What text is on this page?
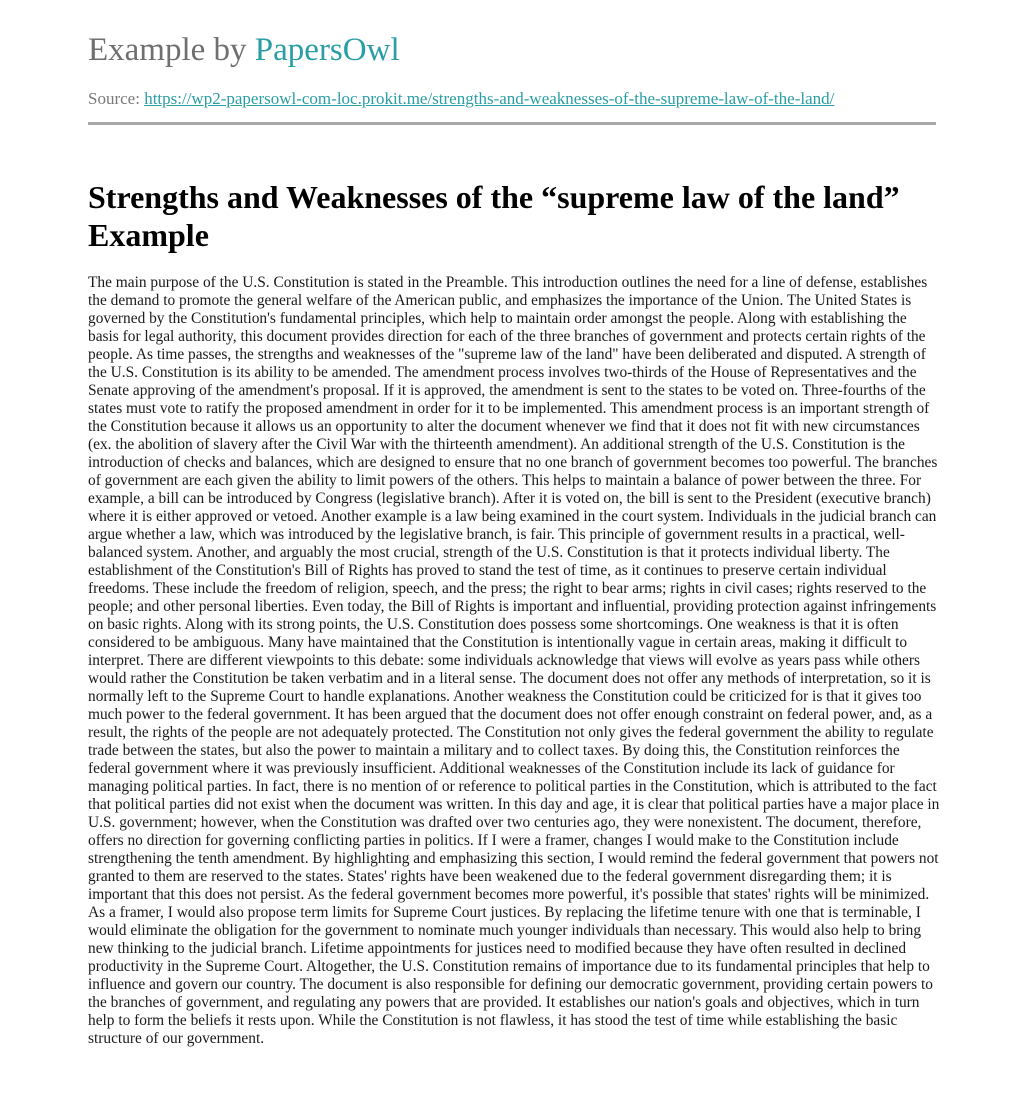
Example by PapersOwl
Source: https://wp2-papersowl-com-loc.prokit.me/strengths-and-weaknesses-of-the-supreme-law-of-the-land/
Strengths and Weaknesses of the “supreme law of the land” Example

The main purpose of the U.S. Constitution is stated in the Preamble. This introduction outlines the need for a line of defense, establishes the demand to promote the general welfare of the American public, and emphasizes the importance of the Union. The United States is governed by the Constitution's fundamental principles, which help to maintain order amongst the people. Along with establishing the basis for legal authority, this document provides direction for each of the three branches of government and protects certain rights of the people. As time passes, the strengths and weaknesses of the "supreme law of the land" have been deliberated and disputed. A strength of the U.S. Constitution is its ability to be amended. The amendment process involves two-thirds of the House of Representatives and the Senate approving of the amendment's proposal. If it is approved, the amendment is sent to the states to be voted on. Three-fourths of the states must vote to ratify the proposed amendment in order for it to be implemented. This amendment process is an important strength of the Constitution because it allows us an opportunity to alter the document whenever we find that it does not fit with new circumstances (ex. the abolition of slavery after the Civil War with the thirteenth amendment). An additional strength of the U.S. Constitution is the introduction of checks and balances, which are designed to ensure that no one branch of government becomes too powerful. The branches of government are each given the ability to limit powers of the others. This helps to maintain a balance of power between the three. For example, a bill can be introduced by Congress (legislative branch). After it is voted on, the bill is sent to the President (executive branch) where it is either approved or vetoed. Another example is a law being examined in the court system. Individuals in the judicial branch can argue whether a law, which was introduced by the legislative branch, is fair. This principle of government results in a practical, well-balanced system. Another, and arguably the most crucial, strength of the U.S. Constitution is that it protects individual liberty. The establishment of the Constitution's Bill of Rights has proved to stand the test of time, as it continues to preserve certain individual freedoms. These include the freedom of religion, speech, and the press; the right to bear arms; rights in civil cases; rights reserved to the people; and other personal liberties. Even today, the Bill of Rights is important and influential, providing protection against infringements on basic rights. Along with its strong points, the U.S. Constitution does possess some shortcomings. One weakness is that it is often considered to be ambiguous. Many have maintained that the Constitution is intentionally vague in certain areas, making it difficult to interpret. There are different viewpoints to this debate: some individuals acknowledge that views will evolve as years pass while others would rather the Constitution be taken verbatim and in a literal sense. The document does not offer any methods of interpretation, so it is normally left to the Supreme Court to handle explanations. Another weakness the Constitution could be criticized for is that it gives too much power to the federal government. It has been argued that the document does not offer enough constraint on federal power, and, as a result, the rights of the people are not adequately protected. The Constitution not only gives the federal government the ability to regulate trade between the states, but also the power to maintain a military and to collect taxes. By doing this, the Constitution reinforces the federal government where it was previously insufficient. Additional weaknesses of the Constitution include its lack of guidance for managing political parties. In fact, there is no mention of or reference to political parties in the Constitution, which is attributed to the fact that political parties did not exist when the document was written. In this day and age, it is clear that political parties have a major place in U.S. government; however, when the Constitution was drafted over two centuries ago, they were nonexistent. The document, therefore, offers no direction for governing conflicting parties in politics. If I were a framer, changes I would make to the Constitution include strengthening the tenth amendment. By highlighting and emphasizing this section, I would remind the federal government that powers not granted to them are reserved to the states. States' rights have been weakened due to the federal government disregarding them; it is important that this does not persist. As the federal government becomes more powerful, it's possible that states' rights will be minimized. As a framer, I would also propose term limits for Supreme Court justices. By replacing the lifetime tenure with one that is terminable, I would eliminate the obligation for the government to nominate much younger individuals than necessary. This would also help to bring new thinking to the judicial branch. Lifetime appointments for justices need to modified because they have often resulted in declined productivity in the Supreme Court. Altogether, the U.S. Constitution remains of importance due to its fundamental principles that help to influence and govern our country. The document is also responsible for defining our democratic government, providing certain powers to the branches of government, and regulating any powers that are provided. It establishes our nation's goals and objectives, which in turn help to form the beliefs it rests upon. While the Constitution is not flawless, it has stood the test of time while establishing the basic structure of our government.
